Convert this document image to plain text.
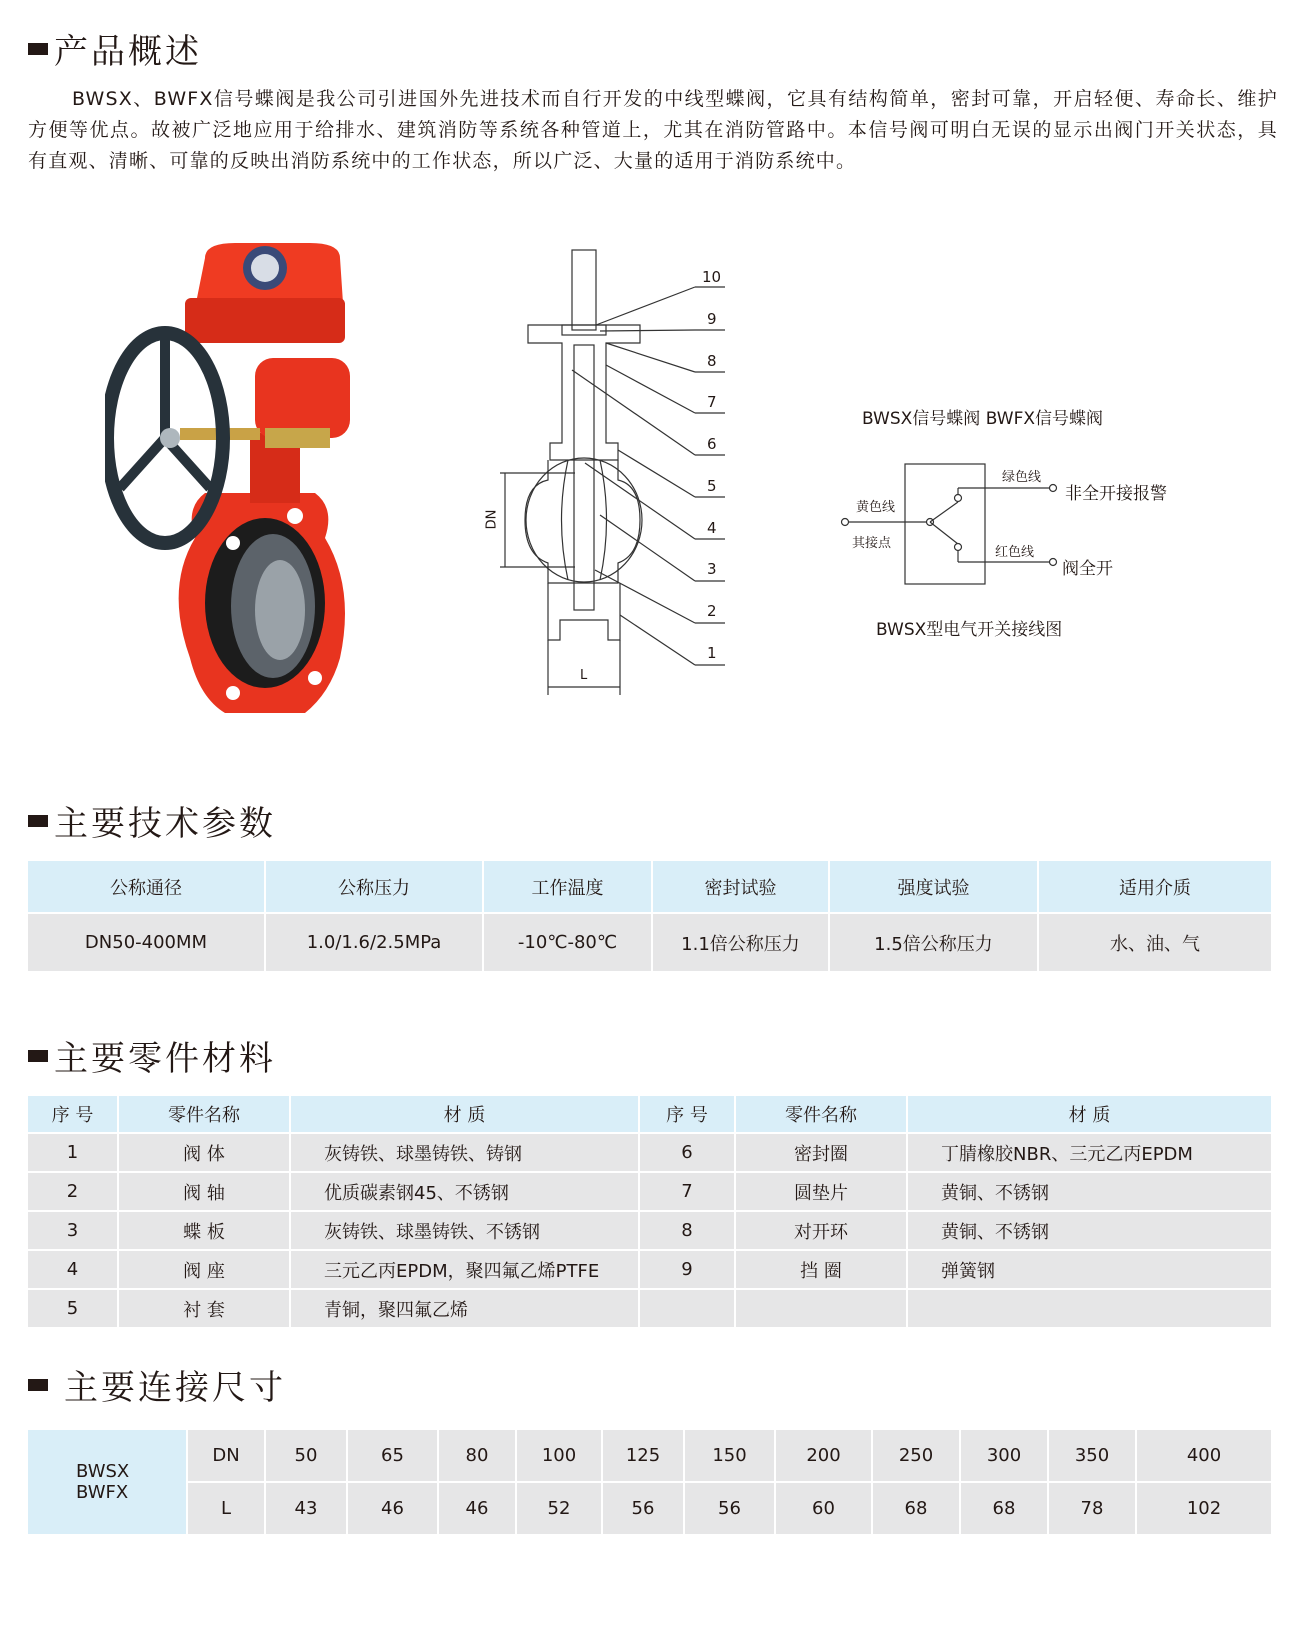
产品概述
BWSX、BWFX信号蝶阀是我公司引进国外先进技术而自行开发的中线型蝶阀，它具有结构简单，密封可靠，开启轻便、寿命长、维护方便等优点。故被广泛地应用于给排水、建筑消防等系统各种管道上，尤其在消防管路中。本信号阀可明白无误的显示出阀门开关状态，具有直观、清晰、可靠的反映出消防系统中的工作状态，所以广泛、大量的适用于消防系统中。
10
9
8
7
6
5
4
3
2
1
DN
L
BWSX信号蝶阀 BWFX信号蝶阀
绿色线
黄色线
其接点
红色线
非全开接报警
阀全开
BWSX型电气开关接线图
主要技术参数
公称通径	公称压力	工作温度	密封试验	强度试验	适用介质
DN50-400MM	1.0/1.6/2.5MPa	-10℃-80℃	1.1倍公称压力	1.5倍公称压力	水、油、气
主要零件材料
序 号	零件名称	材 质	序 号	零件名称	材 质
1	阀 体	灰铸铁、球墨铸铁、铸钢	6	密封圈	丁腈橡胶NBR、三元乙丙EPDM
2	阀 轴	优质碳素钢45、不锈钢	7	圆垫片	黄铜、不锈钢
3	蝶 板	灰铸铁、球墨铸铁、不锈钢	8	对开环	黄铜、不锈钢
4	阀 座	三元乙丙EPDM，聚四氟乙烯PTFE	9	挡 圈	弹簧钢
5	衬 套	青铜，聚四氟乙烯			
主要连接尺寸
BWSX
BWFX	DN	50	65	80	100	125	150	200	250	300	350	400
	L	43	46	46	52	56	56	60	68	68	78	102
